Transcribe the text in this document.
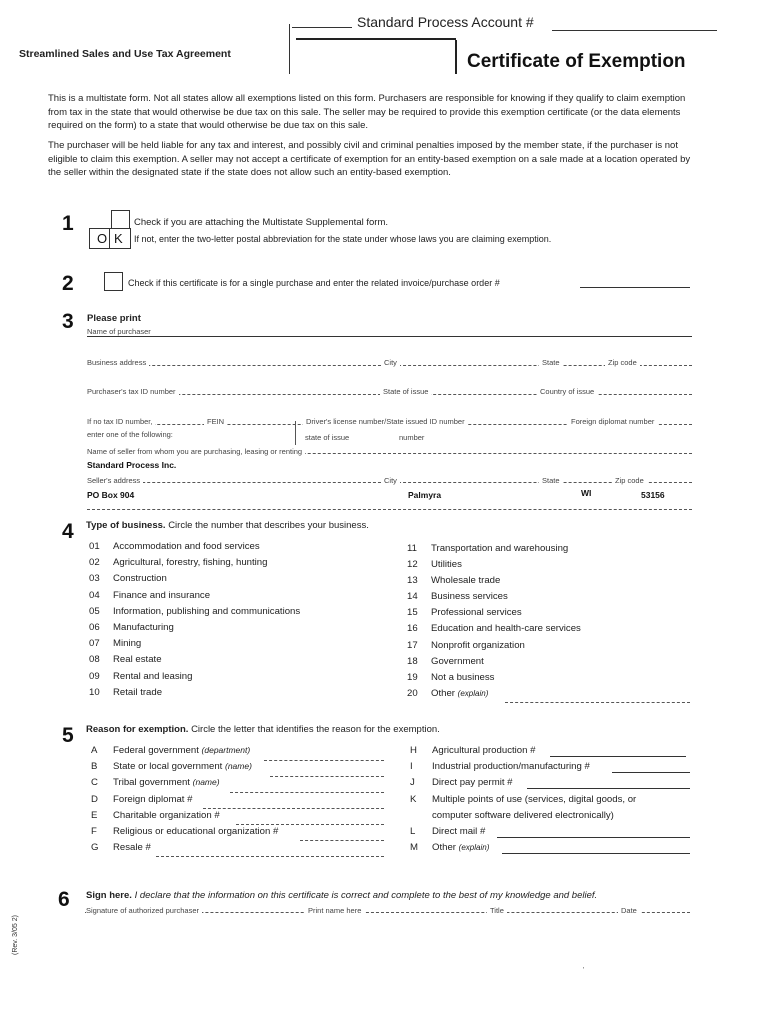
Standard Process Account #
Streamlined Sales and Use Tax Agreement	Certificate of Exemption
This is a multistate form. Not all states allow all exemptions listed on this form. Purchasers are responsible for knowing if they qualify to claim exemption from tax in the state that would otherwise be due tax on this sale. The seller may be required to provide this exemption certificate (or the data elements required on the form) to a state that would otherwise be due tax on this sale.
The purchaser will be held liable for any tax and interest, and possibly civil and criminal penalties imposed by the member state, if the purchaser is not eligible to claim this exemption. A seller may not accept a certificate of exemption for an entity-based exemption on a sale made at a location operated by the seller within the designated state if the state does not allow such an entity-based exemption.
1	Check if you are attaching the Multistate Supplemental form.
O K If not, enter the two-letter postal abbreviation for the state under whose laws you are claiming exemption.
2	Check if this certificate is for a single purchase and enter the related invoice/purchase order #
3 Please print
Name of purchaser
Business address	City	State	Zip code
Purchaser's tax ID number	State of issue	Country of issue
If no tax ID number,
enter one of the following:
FEIN	Driver's license number/State issued ID number
state of issue	number
Foreign diplomat number
Name of seller from whom you are purchasing, leasing or renting
Standard Process Inc.
Seller's address	City	State	Zip code
PO Box 904	Palmyra	WI	53156
4 Type of business. Circle the number that describes your business.
01 Accommodation and food services
02 Agricultural, forestry, fishing, hunting
03 Construction
04 Finance and insurance
05 Information, publishing and communications
06 Manufacturing
07 Mining
08 Real estate
09 Rental and leasing
10 Retail trade
11 Transportation and warehousing
12 Utilities
13 Wholesale trade
14 Business services
15 Professional services
16 Education and health-care services
17 Nonprofit organization
18 Government
19 Not a business
20 Other (explain)
5 Reason for exemption. Circle the letter that identifies the reason for the exemption.
A Federal government (department)
B State or local government (name)
C Tribal government (name)
D Foreign diplomat #
E Charitable organization #
F Religious or educational organization #
G Resale #
H Agricultural production #
I Industrial production/manufacturing #
J Direct pay permit #
K Multiple points of use (services, digital goods, or
computer software delivered electronically)
L Direct mail #
M Other (explain)
6 Sign here. I declare that the information on this certificate is correct and complete to the best of my knowledge and belief.
Signature of authorized purchaser	Print name here	Title	Date
(Rev. 3/05 2)
'
